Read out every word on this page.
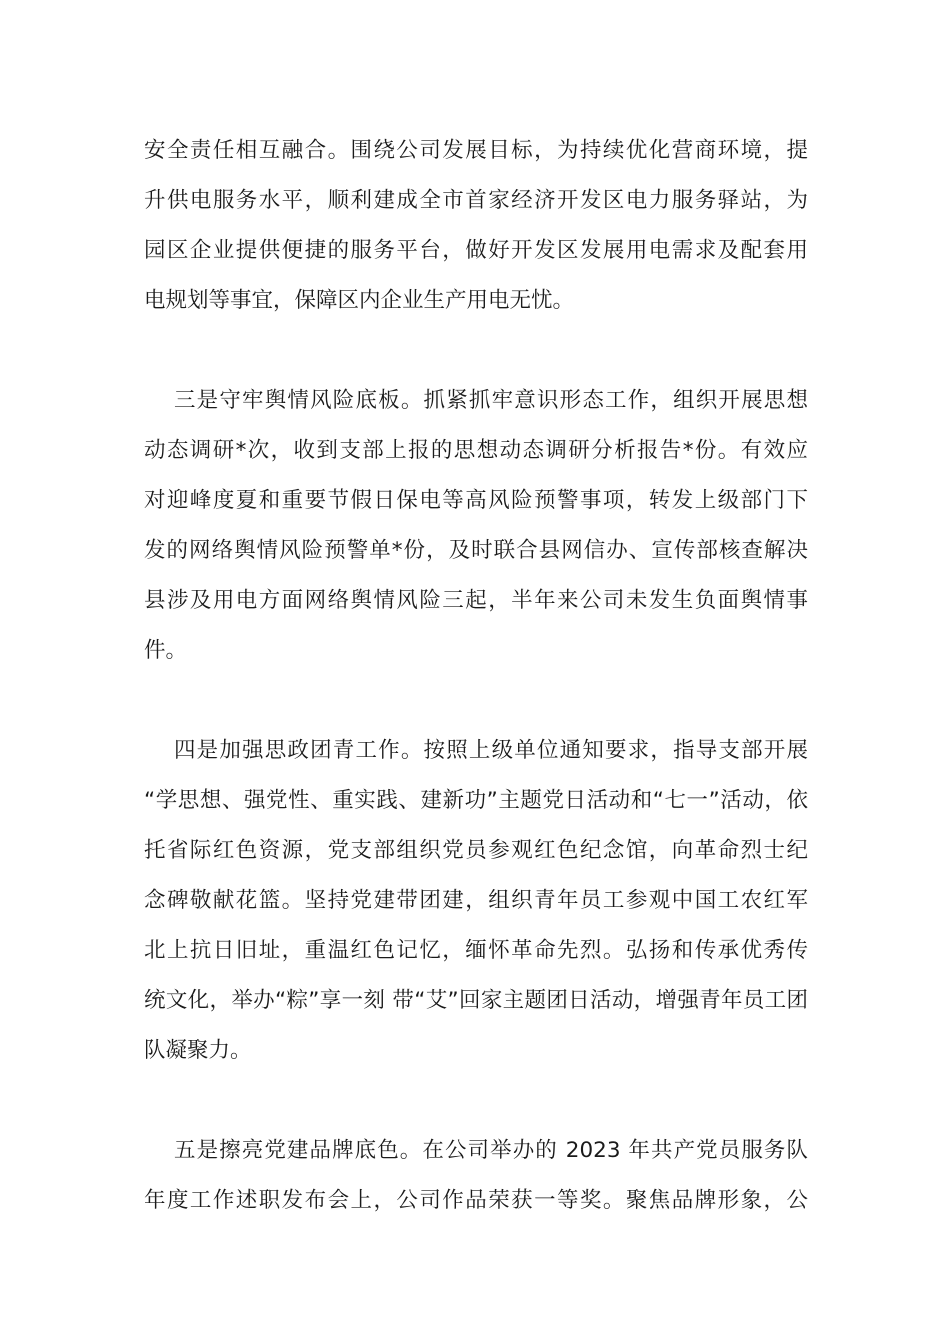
安全责任相互融合。围绕公司发展目标，为持续优化营商环境，提
升供电服务水平，顺利建成全市首家经济开发区电力服务驿站，为
园区企业提供便捷的服务平台，做好开发区发展用电需求及配套用
电规划等事宜，保障区内企业生产用电无忧。
三是守牢舆情风险底板。抓紧抓牢意识形态工作，组织开展思想
动态调研*次，收到支部上报的思想动态调研分析报告*份。有效应
对迎峰度夏和重要节假日保电等高风险预警事项，转发上级部门下
发的网络舆情风险预警单*份，及时联合县网信办、宣传部核查解决
县涉及用电方面网络舆情风险三起，半年来公司未发生负面舆情事
件。
四是加强思政团青工作。按照上级单位通知要求，指导支部开展
“学思想、强党性、重实践、建新功”主题党日活动和“七一”活动，依
托省际红色资源，党支部组织党员参观红色纪念馆，向革命烈士纪
念碑敬献花篮。坚持党建带团建，组织青年员工参观中国工农红军
北上抗日旧址，重温红色记忆，缅怀革命先烈。弘扬和传承优秀传
统文化，举办“粽”享一刻 带“艾”回家主题团日活动，增强青年员工团
队凝聚力。
五是擦亮党建品牌底色。在公司举办的 2023 年共产党员服务队
年度工作述职发布会上，公司作品荣获一等奖。聚焦品牌形象，公
